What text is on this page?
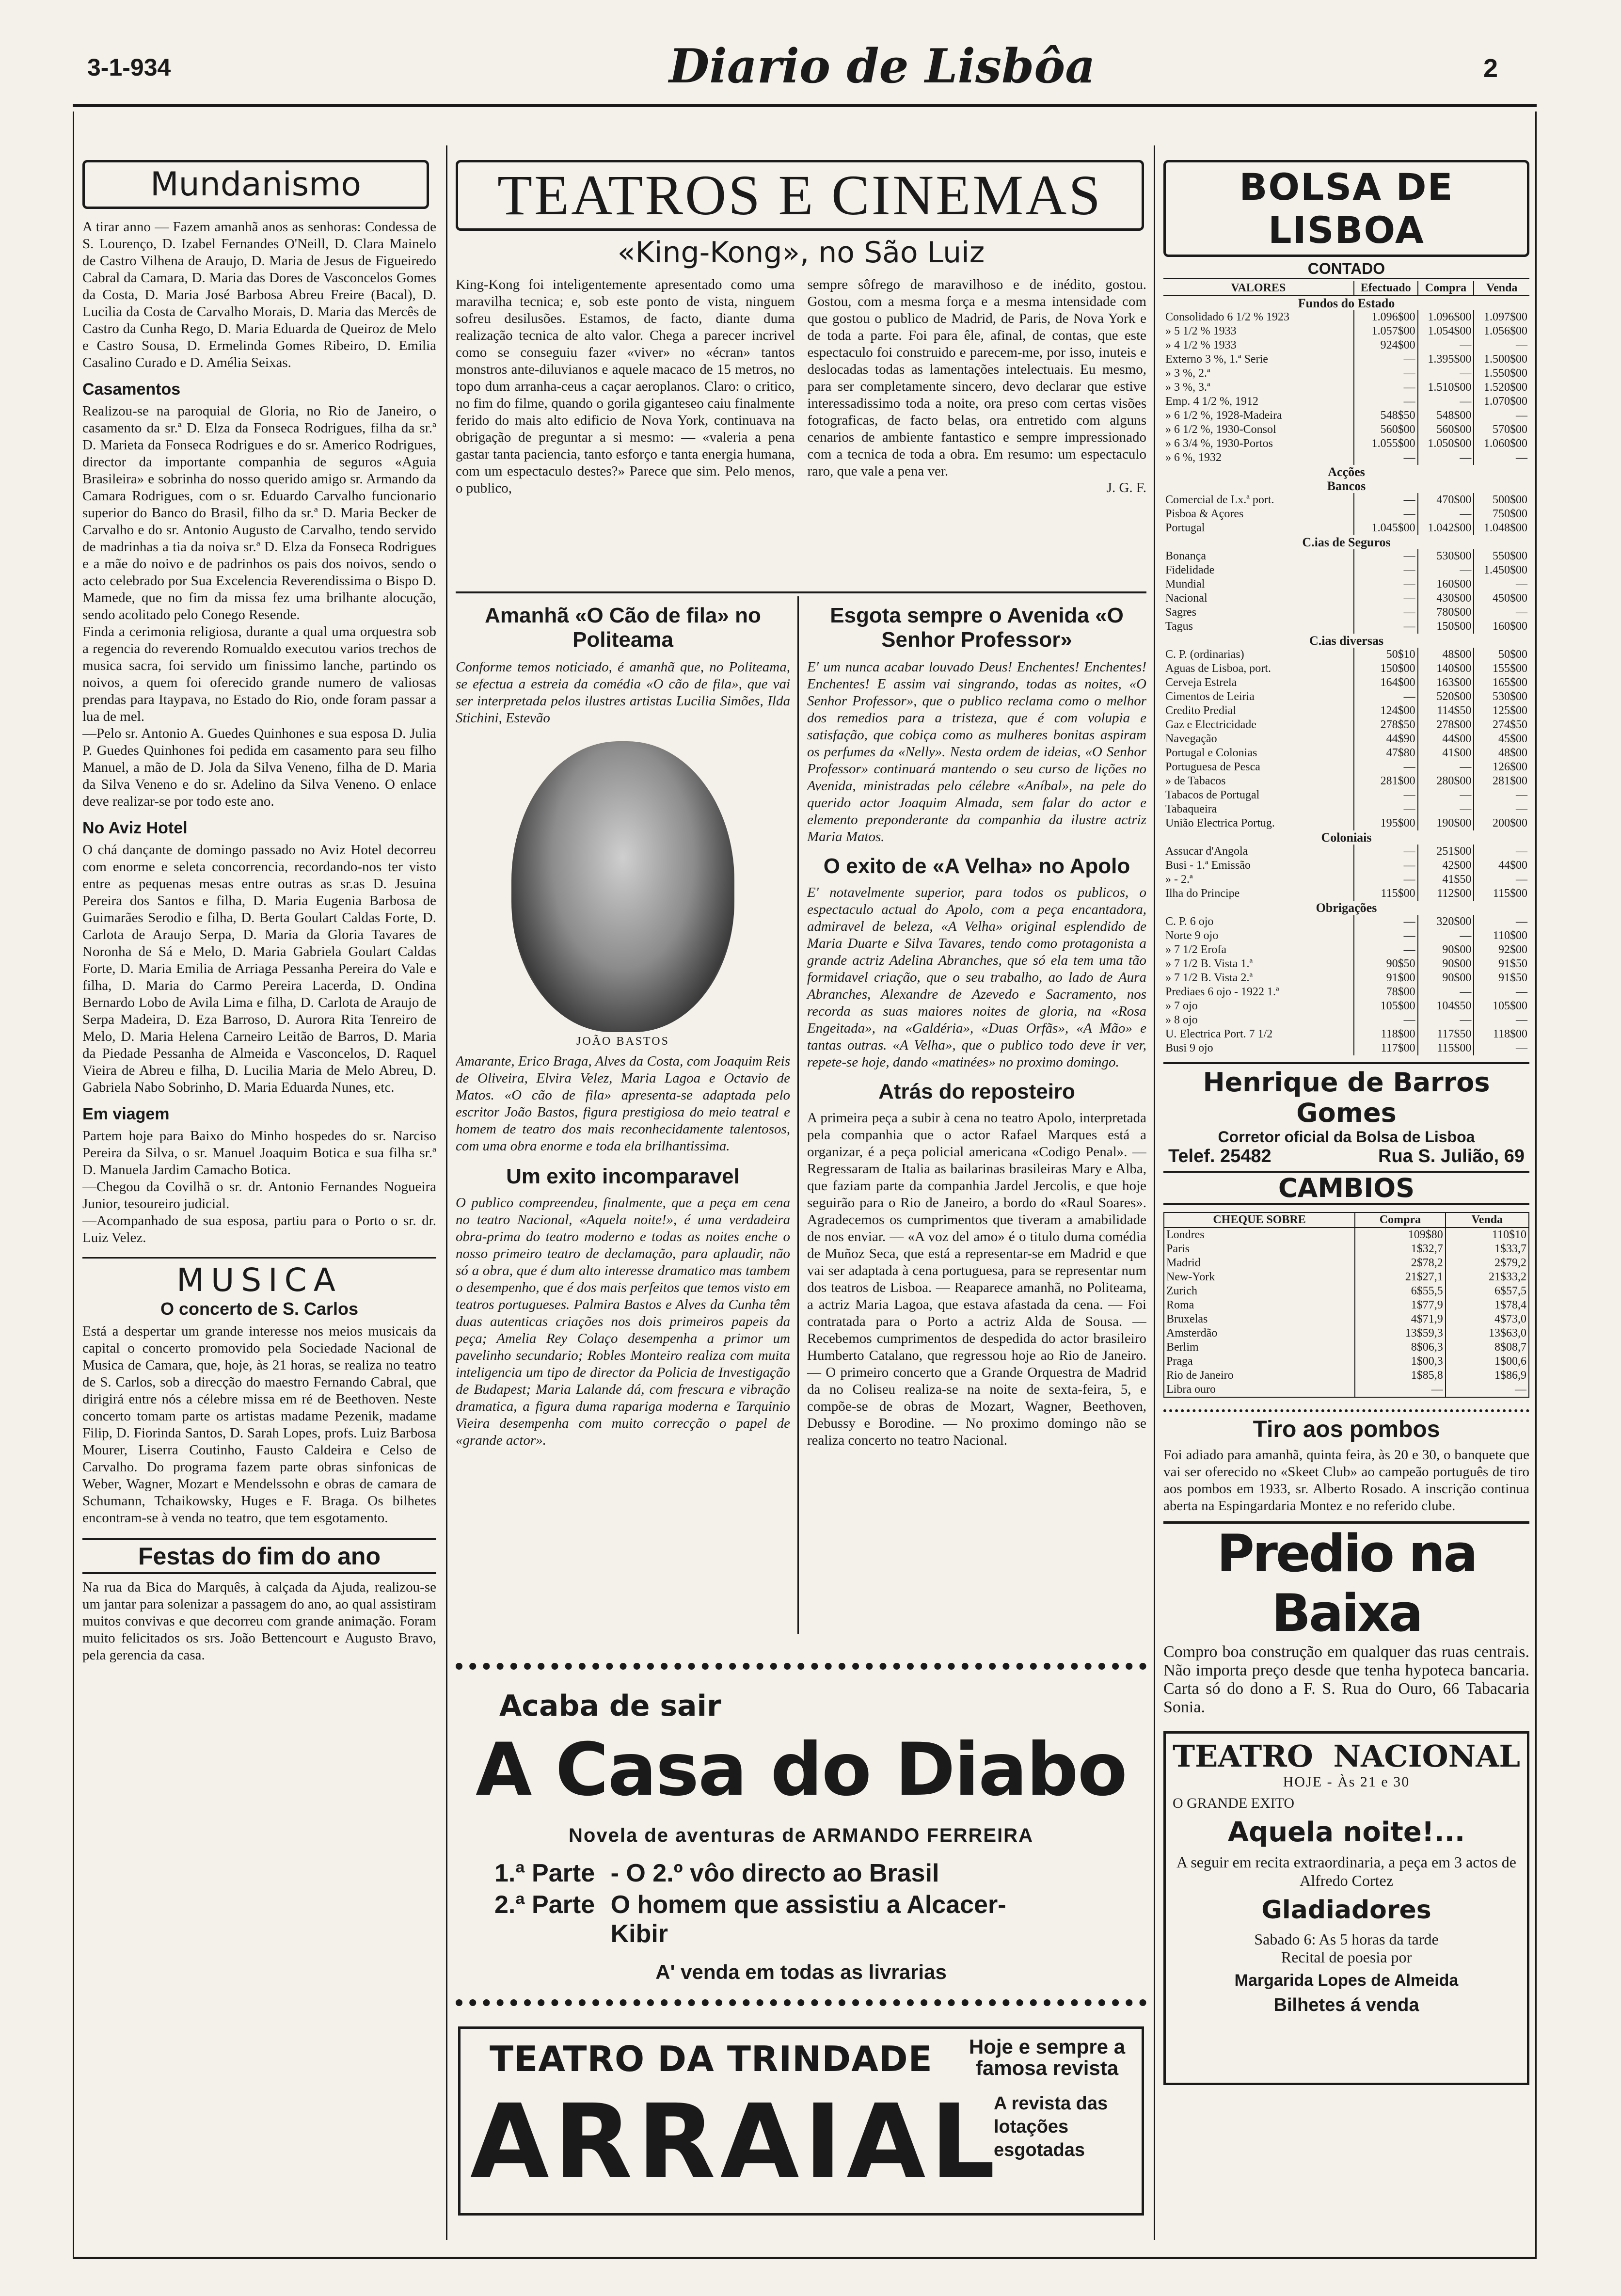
3-1-934	Diario de Lisbôa	2
Mundanismo

A tirar anno — Fazem amanhã anos as senhoras: Condessa de S. Lourenço, D. Izabel Fernandes O'Neill, D. Clara Mainelo de Castro Vilhena de Araujo, D. Maria de Jesus de Figueiredo Cabral da Camara, D. Maria das Dores de Vasconcelos Gomes da Costa, D. Maria José Barbosa Abreu Freire (Bacal), D. Lucilia da Costa de Carvalho Morais, D. Maria das Mercês de Castro da Cunha Rego, D. Maria Eduarda de Queiroz de Melo e Castro Sousa, D. Ermelinda Gomes Ribeiro, D. Emilia Casalino Curado e D. Amélia Seixas.

Casamentos

Realizou-se na paroquial de Gloria, no Rio de Janeiro, o casamento da sr.ª D. Elza da Fonseca Rodrigues, filha da sr.ª D. Marieta da Fonseca Rodrigues e do sr. Americo Rodrigues, director da importante companhia de seguros «Aguia Brasileira» e sobrinha do nosso querido amigo sr. Armando da Camara Rodrigues, com o sr. Eduardo Carvalho funcionario superior do Banco do Brasil, filho da sr.ª D. Maria Becker de Carvalho e do sr. Antonio Augusto de Carvalho, tendo servido de madrinhas a tia da noiva sr.ª D. Elza da Fonseca Rodrigues e a mãe do noivo e de padrinhos os pais dos noivos, sendo o acto celebrado por Sua Excelencia Reverendissima o Bispo D. Mamede, que no fim da missa fez uma brilhante alocução, sendo acolitado pelo Conego Resende.

Finda a cerimonia religiosa, durante a qual uma orquestra sob a regencia do reverendo Romualdo executou varios trechos de musica sacra, foi servido um finissimo lanche, partindo os noivos, a quem foi oferecido grande numero de valiosas prendas para Itaypava, no Estado do Rio, onde foram passar a lua de mel.

—Pelo sr. Antonio A. Guedes Quinhones e sua esposa D. Julia P. Guedes Quinhones foi pedida em casamento para seu filho Manuel, a mão de D. Jola da Silva Veneno, filha de D. Maria da Silva Veneno e do sr. Adelino da Silva Veneno. O enlace deve realizar-se por todo este ano.

No Aviz Hotel

O chá dançante de domingo passado no Aviz Hotel decorreu com enorme e seleta concorrencia, recordando-nos ter visto entre as pequenas mesas entre outras as sr.as D. Jesuina Pereira dos Santos e filha, D. Maria Eugenia Barbosa de Guimarães Serodio e filha, D. Berta Goulart Caldas Forte, D. Carlota de Araujo Serpa, D. Maria da Gloria Tavares de Noronha de Sá e Melo, D. Maria Gabriela Goulart Caldas Forte, D. Maria Emilia de Arriaga Pessanha Pereira do Vale e filha, D. Maria do Carmo Pereira Lacerda, D. Ondina Bernardo Lobo de Avila Lima e filha, D. Carlota de Araujo de Serpa Madeira, D. Eza Barroso, D. Aurora Rita Tenreiro de Melo, D. Maria Helena Carneiro Leitão de Barros, D. Maria da Piedade Pessanha de Almeida e Vasconcelos, D. Raquel Vieira de Abreu e filha, D. Lucilia Maria de Melo Abreu, D. Gabriela Nabo Sobrinho, D. Maria Eduarda Nunes, etc.

Em viagem

Partem hoje para Baixo do Minho hospedes do sr. Narciso Pereira da Silva, o sr. Manuel Joaquim Botica e sua filha sr.ª D. Manuela Jardim Camacho Botica.

—Chegou da Covilhã o sr. dr. Antonio Fernandes Nogueira Junior, tesoureiro judicial.

—Acompanhado de sua esposa, partiu para o Porto o sr. dr. Luiz Velez.

MUSICA
O concerto de S. Carlos

Está a despertar um grande interesse nos meios musicais da capital o concerto promovido pela Sociedade Nacional de Musica de Camara, que, hoje, às 21 horas, se realiza no teatro de S. Carlos, sob a direcção do maestro Fernando Cabral, que dirigirá entre nós a célebre missa em ré de Beethoven. Neste concerto tomam parte os artistas madame Pezenik, madame Filip, D. Fiorinda Santos, D. Sarah Lopes, profs. Luiz Barbosa Mourer, Liserra Coutinho, Fausto Caldeira e Celso de Carvalho. Do programa fazem parte obras sinfonicas de Weber, Wagner, Mozart e Mendelssohn e obras de camara de Schumann, Tchaikowsky, Huges e F. Braga. Os bilhetes encontram-se à venda no teatro, que tem esgotamento.

Festas do fim do ano

Na rua da Bica do Marquês, à calçada da Ajuda, realizou-se um jantar para solenizar a passagem do ano, ao qual assistiram muitos convivas e que decorreu com grande animação. Foram muito felicitados os srs. João Bettencourt e Augusto Bravo, pela gerencia da casa.

TEATROS E CINEMAS
«King-Kong», no São Luiz

King-Kong foi inteligentemente apresentado como uma maravilha tecnica; e, sob este ponto de vista, ninguem sofreu desilusões. Estamos, de facto, diante duma realização tecnica de alto valor. Chega a parecer incrivel como se conseguiu fazer «viver» no «écran» tantos monstros ante-diluvianos e aquele macaco de 15 metros, no topo dum arranha-ceus a caçar aeroplanos. Claro: o critico, no fim do filme, quando o gorila giganteseo caiu finalmente ferido do mais alto edificio de Nova York, continuava na obrigação de preguntar a si mesmo: — «valeria a pena gastar tanta paciencia, tanto esforço e tanta energia humana, com um espectaculo destes?» Parece que sim. Pelo menos, o publico,

sempre sôfrego de maravilhoso e de inédito, gostou. Gostou, com a mesma força e a mesma intensidade com que gostou o publico de Madrid, de Paris, de Nova York e de toda a parte. Foi para êle, afinal, de contas, que este espectaculo foi construido e parecem-me, por isso, inuteis e deslocadas todas as lamentações intelectuais. Eu mesmo, para ser completamente sincero, devo declarar que estive interessadissimo toda a noite, ora preso com certas visões fotograficas, de facto belas, ora entretido com alguns cenarios de ambiente fantastico e sempre impressionado com a tecnica de toda a obra. Em resumo: um espectaculo raro, que vale a pena ver.

J. G. F.
Amanhã «O Cão de fila» no Politeama

Conforme temos noticiado, é amanhã que, no Politeama, se efectua a estreia da comédia «O cão de fila», que vai ser interpretada pelos ilustres artistas Lucilia Simões, Ilda Stichini, Estevão

JOÃO BASTOS

Amarante, Erico Braga, Alves da Costa, com Joaquim Reis de Oliveira, Elvira Velez, Maria Lagoa e Octavio de Matos. «O cão de fila» apresenta-se adaptada pelo escritor João Bastos, figura prestigiosa do meio teatral e homem de teatro dos mais reconhecidamente talentosos, com uma obra enorme e toda ela brilhantissima.

Um exito incomparavel

O publico compreendeu, finalmente, que a peça em cena no teatro Nacional, «Aquela noite!», é uma verdadeira obra-prima do teatro moderno e todas as noites enche o nosso primeiro teatro de declamação, para aplaudir, não só a obra, que é dum alto interesse dramatico mas tambem o desempenho, que é dos mais perfeitos que temos visto em teatros portugueses. Palmira Bastos e Alves da Cunha têm duas autenticas criações nos dois primeiros papeis da peça; Amelia Rey Colaço desempenha a primor um pavelinho secundario; Robles Monteiro realiza com muita inteligencia um tipo de director da Policia de Investigação de Budapest; Maria Lalande dá, com frescura e vibração dramatica, a figura duma rapariga moderna e Tarquinio Vieira desempenha com muito correcção o papel de «grande actor».

Esgota sempre o Avenida «O Senhor Professor»

E' um nunca acabar louvado Deus! Enchentes! Enchentes! Enchentes! E assim vai singrando, todas as noites, «O Senhor Professor», que o publico reclama como o melhor dos remedios para a tristeza, que é com volupia e satisfação, que cobiça como as mulheres bonitas aspiram os perfumes da «Nelly». Nesta ordem de ideias, «O Senhor Professor» continuará mantendo o seu curso de lições no Avenida, ministradas pelo célebre «Aníbal», na pele do querido actor Joaquim Almada, sem falar do actor e elemento preponderante da companhia da ilustre actriz Maria Matos.

O exito de «A Velha» no Apolo

E' notavelmente superior, para todos os publicos, o espectaculo actual do Apolo, com a peça encantadora, admiravel de beleza, «A Velha» original esplendido de Maria Duarte e Silva Tavares, tendo como protagonista a grande actriz Adelina Abranches, que só ela tem uma tão formidavel criação, que o seu trabalho, ao lado de Aura Abranches, Alexandre de Azevedo e Sacramento, nos recorda as suas maiores noites de gloria, na «Rosa Engeitada», na «Galdéria», «Duas Orfãs», «A Mão» e tantas outras. «A Velha», que o publico todo deve ir ver, repete-se hoje, dando «matinées» no proximo domingo.

Atrás do reposteiro

A primeira peça a subir à cena no teatro Apolo, interpretada pela companhia que o actor Rafael Marques está a organizar, é a peça policial americana «Codigo Penal». — Regressaram de Italia as bailarinas brasileiras Mary e Alba, que faziam parte da companhia Jardel Jercolis, e que hoje seguirão para o Rio de Janeiro, a bordo do «Raul Soares». Agradecemos os cumprimentos que tiveram a amabilidade de nos enviar. — «A voz del amo» é o titulo duma comédia de Muñoz Seca, que está a representar-se em Madrid e que vai ser adaptada à cena portuguesa, para se representar num dos teatros de Lisboa. — Reaparece amanhã, no Politeama, a actriz Maria Lagoa, que estava afastada da cena. — Foi contratada para o Porto a actriz Alda de Sousa. — Recebemos cumprimentos de despedida do actor brasileiro Humberto Catalano, que regressou hoje ao Rio de Janeiro. — O primeiro concerto que a Grande Orquestra de Madrid da no Coliseu realiza-se na noite de sexta-feira, 5, e compõe-se de obras de Mozart, Wagner, Beethoven, Debussy e Borodine. — No proximo domingo não se realiza concerto no teatro Nacional.

Acaba de sair
A Casa do Diabo
Novela de aventuras de ARMANDO FERREIRA
1.ª Parte - O 2.º vôo directo ao Brasil
2.ª Parte O homem que assistiu a Alcacer-Kibir
A' venda em todas as livrarias
TEATRO DA TRINDADE Hoje e sempre a famosa revista
ARRAIAL
A revista das lotações esgotadas
BOLSA DE LISBOA
CONTADO
VALORES	Efectuado	Compra	Venda
Fundos do Estado			
Consolidado 6 1/2 % 1923	1.096$00	1.096$00	1.097$00
» 5 1/2 % 1933	1.057$00	1.054$00	1.056$00
» 4 1/2 % 1933	924$00	—	—
Externo 3 %, 1.ª Serie	—	1.395$00	1.500$00
» 3 %, 2.ª	—	—	1.550$00
» 3 %, 3.ª	—	1.510$00	1.520$00
Emp. 4 1/2 %, 1912	—	—	1.070$00
» 6 1/2 %, 1928-Madeira	548$50	548$00	—
» 6 1/2 %, 1930-Consol	560$00	560$00	570$00
» 6 3/4 %, 1930-Portos	1.055$00	1.050$00	1.060$00
» 6 %, 1932	—	—	—
Acções			
Bancos			
Comercial de Lx.ª port.	—	470$00	500$00
Pisboa & Açores	—	—	750$00
Portugal	1.045$00	1.042$00	1.048$00
C.ias de Seguros			
Bonança	—	530$00	550$00
Fidelidade	—	—	1.450$00
Mundial	—	160$00	—
Nacional	—	430$00	450$00
Sagres	—	780$00	—
Tagus	—	150$00	160$00
C.ias diversas			
C. P. (ordinarias)	50$10	48$00	50$00
Aguas de Lisboa, port.	150$00	140$00	155$00
Cerveja Estrela	164$00	163$00	165$00
Cimentos de Leiria	—	520$00	530$00
Credito Predial	124$00	114$50	125$00
Gaz e Electricidade	278$50	278$00	274$50
Navegação	44$90	44$00	45$00
Portugal e Colonias	47$80	41$00	48$00
Portuguesa de Pesca	—	—	126$00
» de Tabacos	281$00	280$00	281$00
Tabacos de Portugal	—	—	—
Tabaqueira	—	—	—
União Electrica Portug.	195$00	190$00	200$00
Coloniais			
Assucar d'Angola	—	251$00	—
Busi - 1.ª Emissão	—	42$00	44$00
» - 2.ª	—	41$50	—
Ilha do Principe	115$00	112$00	115$00
Obrigações			
C. P. 6 ojo	—	320$00	—
Norte 9 ojo	—	—	110$00
» 7 1/2 Erofa	—	90$00	92$00
» 7 1/2 B. Vista 1.ª	90$50	90$00	91$50
» 7 1/2 B. Vista 2.ª	91$00	90$00	91$50
Prediaes 6 ojo - 1922 1.ª	78$00	—	—
» 7 ojo	105$00	104$50	105$00
» 8 ojo	—	—	—
U. Electrica Port. 7 1/2	118$00	117$50	118$00
Busi 9 ojo	117$00	115$00	—
Henrique de Barros Gomes
Corretor oficial da Bolsa de Lisboa
Telef. 25482	Rua S. Julião, 69
CAMBIOS
CHEQUE SOBRE	Compra	Venda
Londres	109$80	110$10
Paris	1$32,7	1$33,7
Madrid	2$78,2	2$79,2
New-York	21$27,1	21$33,2
Zurich	6$55,5	6$57,5
Roma	1$77,9	1$78,4
Bruxelas	4$71,9	4$73,0
Amsterdão	13$59,3	13$63,0
Berlim	8$06,3	8$08,7
Praga	1$00,3	1$00,6
Rio de Janeiro	1$85,8	1$86,9
Libra ouro	—	—
Tiro aos pombos

Foi adiado para amanhã, quinta feira, às 20 e 30, o banquete que vai ser oferecido no «Skeet Club» ao campeão português de tiro aos pombos em 1933, sr. Alberto Rosado. A inscrição continua aberta na Espingardaria Montez e no referido clube.

Predio na Baixa

Compro boa construção em qualquer das ruas centrais. Não importa preço desde que tenha hypoteca bancaria. Carta só do dono a F. S. Rua do Ouro, 66 Tabacaria Sonia.

TEATRO NACIONAL
HOJE - Às 21 e 30
O GRANDE EXITO
Aquela noite!...
A seguir em recita extraordinaria, a peça em 3 actos de Alfredo Cortez
Gladiadores
Sabado 6: As 5 horas da tarde
Recital de poesia por
Margarida Lopes de Almeida
Bilhetes á venda
